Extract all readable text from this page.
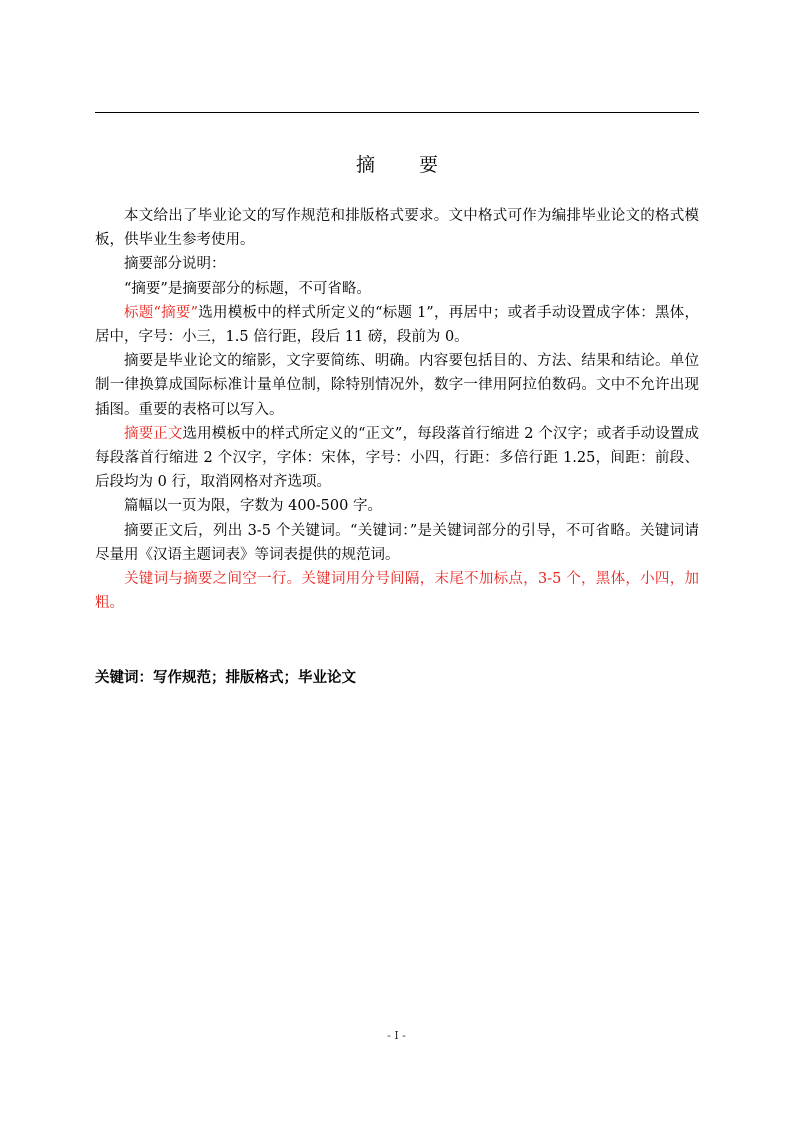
摘 要

本文给出了毕业论文的写作规范和排版格式要求。文中格式可作为编排毕业论文的格式模板，供毕业生参考使用。

摘要部分说明：

“摘要”是摘要部分的标题，不可省略。

标题“摘要”选用模板中的样式所定义的“标题 1”，再居中；或者手动设置成字体：黑体，居中，字号：小三，1.5 倍行距，段后 11 磅，段前为 0。

摘要是毕业论文的缩影，文字要简练、明确。内容要包括目的、方法、结果和结论。单位制一律换算成国际标准计量单位制，除特别情况外，数字一律用阿拉伯数码。文中不允许出现插图。重要的表格可以写入。

摘要正文选用模板中的样式所定义的“正文”，每段落首行缩进 2 个汉字；或者手动设置成每段落首行缩进 2 个汉字，字体：宋体，字号：小四，行距：多倍行距 1.25，间距：前段、后段均为 0 行，取消网格对齐选项。

篇幅以一页为限，字数为 400-500 字。

摘要正文后，列出 3-5 个关键词。“关键词：”是关键词部分的引导，不可省略。关键词请尽量用《汉语主题词表》等词表提供的规范词。

关键词与摘要之间空一行。关键词用分号间隔，末尾不加标点，3-5 个，黑体，小四，加粗。

关键词：写作规范；排版格式；毕业论文
- I -
